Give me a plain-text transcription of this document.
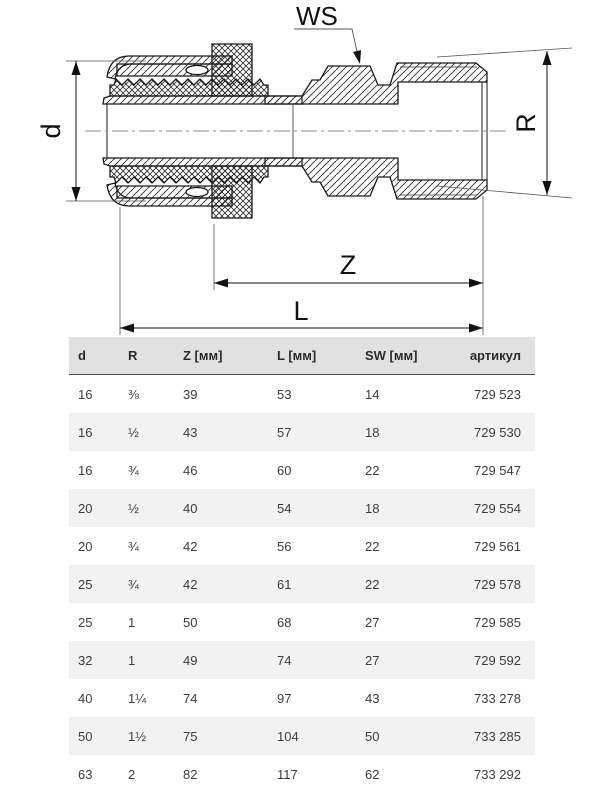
d	R
WS
Z
L
d	R	Z [мм]	L [мм]	SW [мм]	артикул
16	⅜	39	53	14	729 523
16	½	43	57	18	729 530
16	¾	46	60	22	729 547
20	½	40	54	18	729 554
20	¾	42	56	22	729 561
25	¾	42	61	22	729 578
25	1	50	68	27	729 585
32	1	49	74	27	729 592
40	1¼	74	97	43	733 278
50	1½	75	104	50	733 285
63	2	82	117	62	733 292
